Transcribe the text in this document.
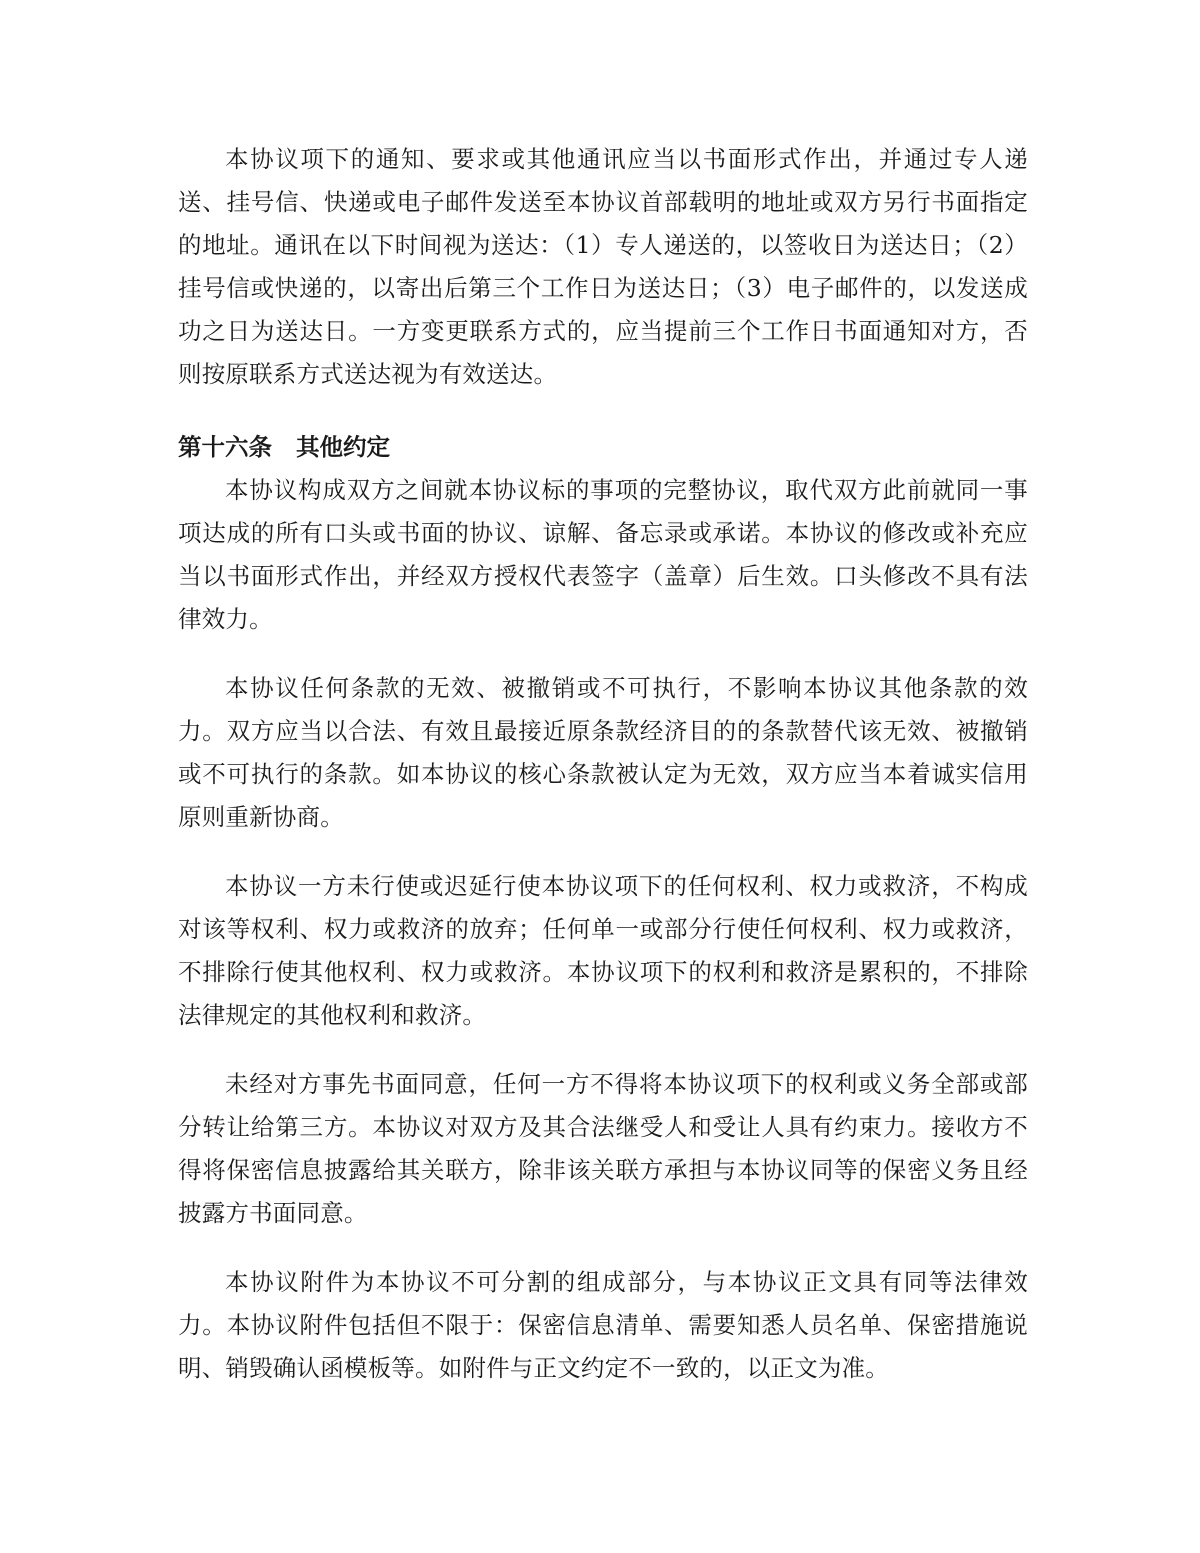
本协议项下的通知、要求或其他通讯应当以书面形式作出，并通过专人递送、挂号信、快递或电子邮件发送至本协议首部载明的地址或双方另行书面指定的地址。通讯在以下时间视为送达：（1）专人递送的，以签收日为送达日；（2）挂号信或快递的，以寄出后第三个工作日为送达日；（3）电子邮件的，以发送成功之日为送达日。一方变更联系方式的，应当提前三个工作日书面通知对方，否则按原联系方式送达视为有效送达。

第十六条 其他约定

本协议构成双方之间就本协议标的事项的完整协议，取代双方此前就同一事项达成的所有口头或书面的协议、谅解、备忘录或承诺。本协议的修改或补充应当以书面形式作出，并经双方授权代表签字（盖章）后生效。口头修改不具有法律效力。

本协议任何条款的无效、被撤销或不可执行，不影响本协议其他条款的效力。双方应当以合法、有效且最接近原条款经济目的的条款替代该无效、被撤销或不可执行的条款。如本协议的核心条款被认定为无效，双方应当本着诚实信用原则重新协商。

本协议一方未行使或迟延行使本协议项下的任何权利、权力或救济，不构成对该等权利、权力或救济的放弃；任何单一或部分行使任何权利、权力或救济，不排除行使其他权利、权力或救济。本协议项下的权利和救济是累积的，不排除法律规定的其他权利和救济。

未经对方事先书面同意，任何一方不得将本协议项下的权利或义务全部或部分转让给第三方。本协议对双方及其合法继受人和受让人具有约束力。接收方不得将保密信息披露给其关联方，除非该关联方承担与本协议同等的保密义务且经披露方书面同意。

本协议附件为本协议不可分割的组成部分，与本协议正文具有同等法律效力。本协议附件包括但不限于：保密信息清单、需要知悉人员名单、保密措施说明、销毁确认函模板等。如附件与正文约定不一致的，以正文为准。
